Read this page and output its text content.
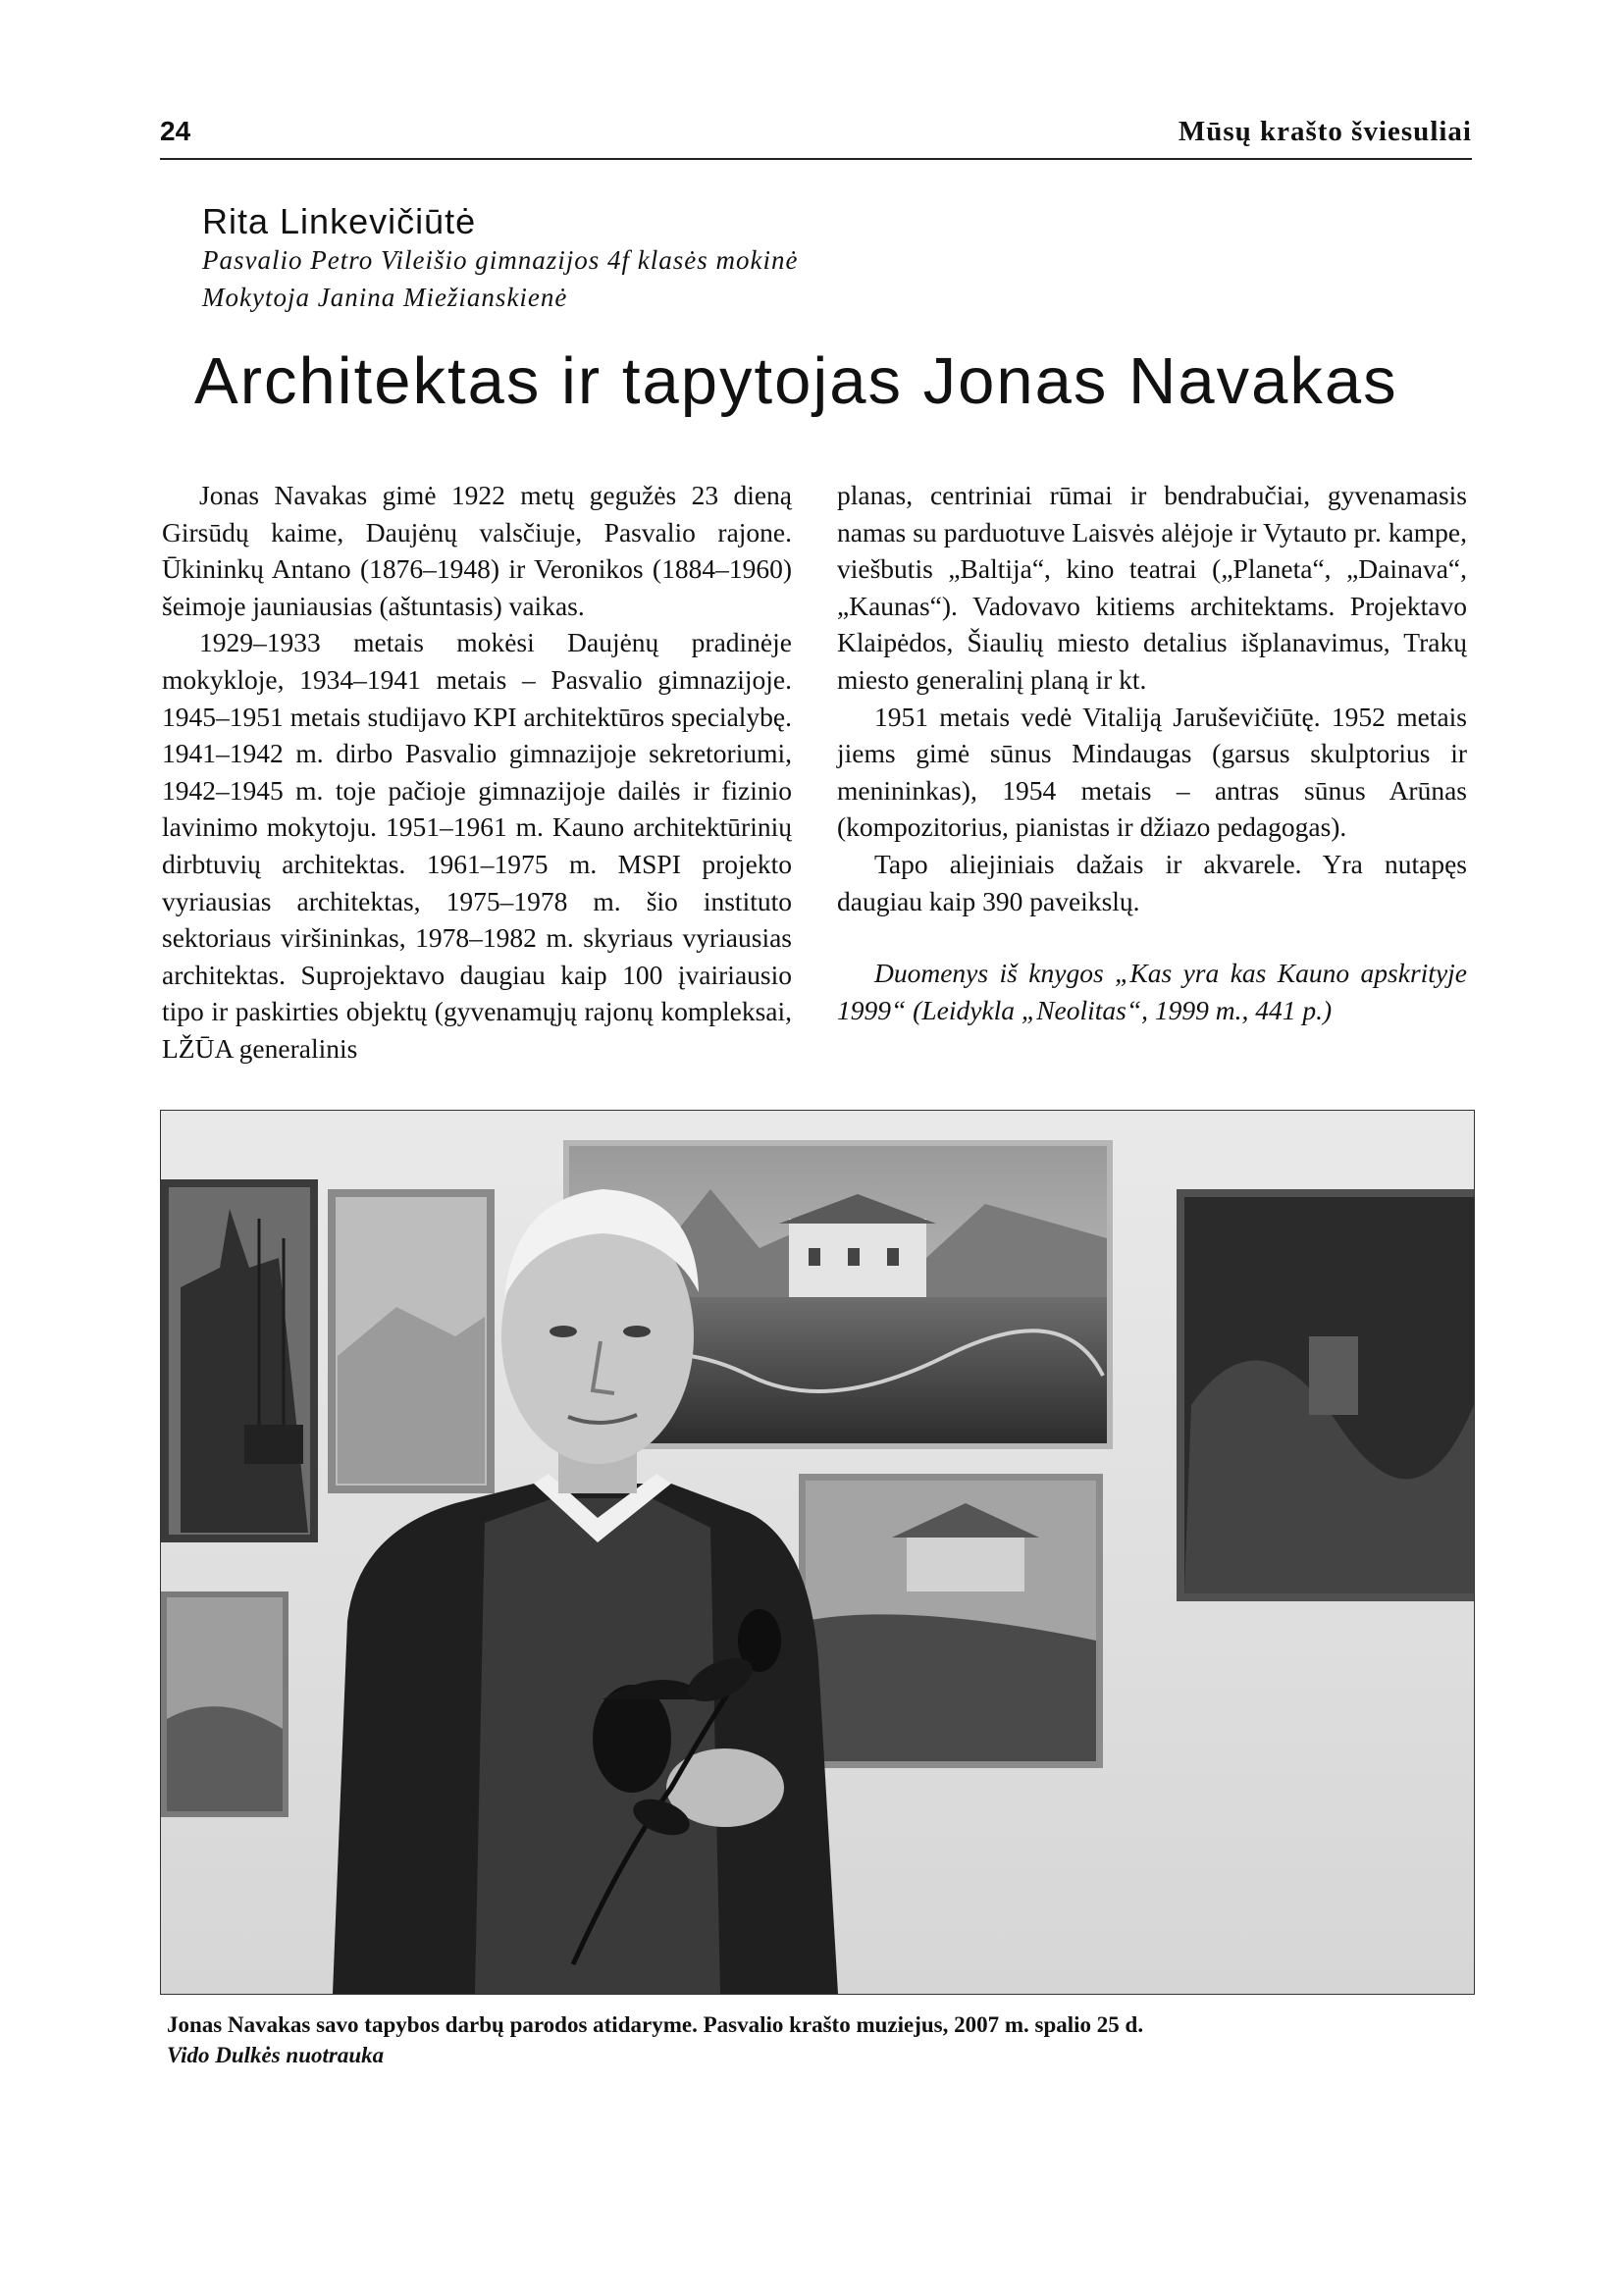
24	Mūsų krašto šviesuliai
Rita Linkevičiūtė
Pasvalio Petro Vileišio gimnazijos 4f klasės mokinė
Mokytoja Janina Miežianskienė
Architektas ir tapytojas Jonas Navakas

Jonas Navakas gimė 1922 metų gegužės 23 dieną Girsūdų kaime, Daujėnų valsčiuje, Pasvalio rajone. Ūkininkų Antano (1876–1948) ir Veronikos (1884–1960) šeimoje jauniausias (aštuntasis) vaikas.

1929–1933 metais mokėsi Daujėnų pradinėje mokykloje, 1934–1941 metais – Pasvalio gimnazijoje. 1945–1951 metais studijavo KPI architektūros specialybę. 1941–1942 m. dirbo Pasvalio gimnazijoje sekretoriumi, 1942–1945 m. toje pačioje gimnazijoje dailės ir fizinio lavinimo mokytoju. 1951–1961 m. Kauno architektūrinių dirbtuvių architektas. 1961–1975 m. MSPI projekto vyriausias architektas, 1975–1978 m. šio instituto sektoriaus viršininkas, 1978–1982 m. skyriaus vyriausias architektas. Suprojektavo daugiau kaip 100 įvairiausio tipo ir paskirties objektų (gyvenamųjų rajonų kompleksai, LŽŪA generalinis

planas, centriniai rūmai ir bendrabučiai, gyvenamasis namas su parduotuve Laisvės alėjoje ir Vytauto pr. kampe, viešbutis „Baltija“, kino teatrai („Planeta“, „Dainava“, „Kaunas“). Vadovavo kitiems architektams. Projektavo Klaipėdos, Šiaulių miesto detalius išplanavimus, Trakų miesto generalinį planą ir kt.

1951 metais vedė Vitaliją Jaruševičiūtę. 1952 metais jiems gimė sūnus Mindaugas (garsus skulptorius ir menininkas), 1954 metais – antras sūnus Arūnas (kompozitorius, pianistas ir džiazo pedagogas).

Tapo aliejiniais dažais ir akvarele. Yra nutapęs daugiau kaip 390 paveikslų.

Duomenys iš knygos „Kas yra kas Kauno apskrityje 1999“ (Leidykla „Neolitas“, 1999 m., 441 p.)

Jonas Navakas savo tapybos darbų parodos atidaryme. Pasvalio krašto muziejus, 2007 m. spalio 25 d.
Vido Dulkės nuotrauka
